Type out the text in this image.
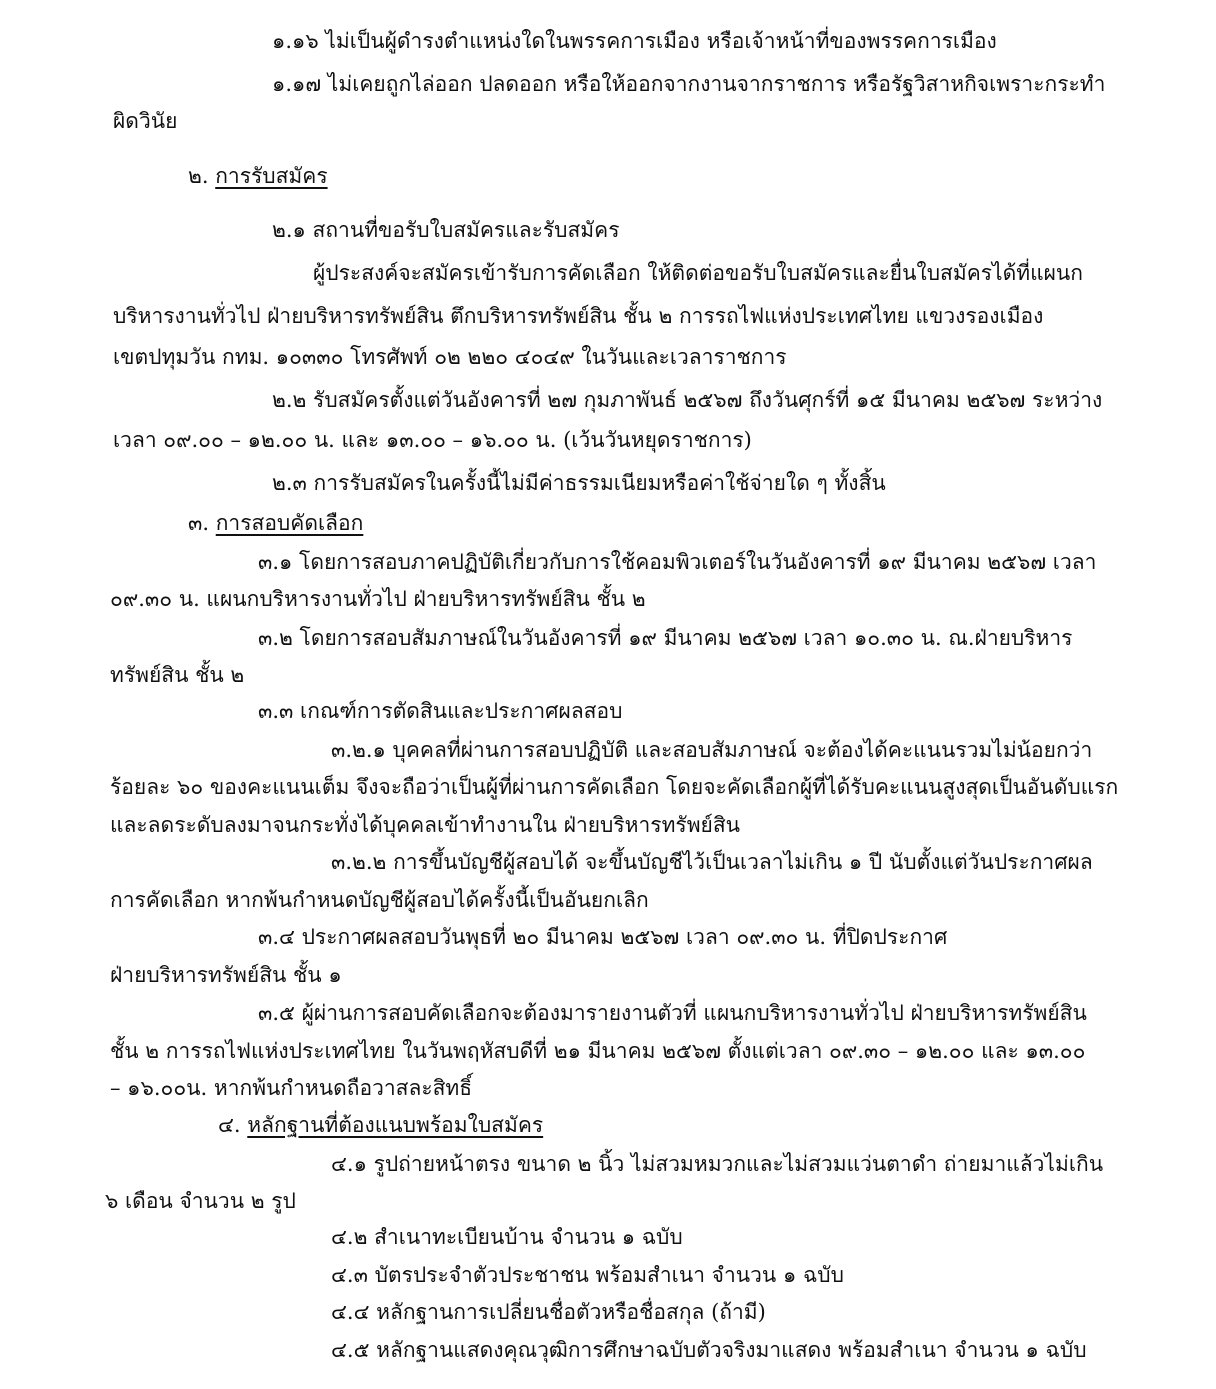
๑.๑๖ ไม่เป็นผู้ดำรงตำแหน่งใดในพรรคการเมือง หรือเจ้าหน้าที่ของพรรคการเมือง
๑.๑๗ ไม่เคยถูกไล่ออก ปลดออก หรือให้ออกจากงานจากราชการ หรือรัฐวิสาหกิจเพราะกระทำ
ผิดวินัย
๒. การรับสมัคร
๒.๑ สถานที่ขอรับใบสมัครและรับสมัคร
ผู้ประสงค์จะสมัครเข้ารับการคัดเลือก ให้ติดต่อขอรับใบสมัครและยื่นใบสมัครได้ที่แผนก
บริหารงานทั่วไป ฝ่ายบริหารทรัพย์สิน ตึกบริหารทรัพย์สิน ชั้น ๒ การรถไฟแห่งประเทศไทย แขวงรองเมือง
เขตปทุมวัน กทม. ๑๐๓๓๐ โทรศัพท์ ๐๒ ๒๒๐ ๔๐๔๙ ในวันและเวลาราชการ
๒.๒ รับสมัครตั้งแต่วันอังคารที่ ๒๗ กุมภาพันธ์ ๒๕๖๗ ถึงวันศุกร์ที่ ๑๕ มีนาคม ๒๕๖๗ ระหว่าง
เวลา ๐๙.๐๐ – ๑๒.๐๐ น. และ ๑๓.๐๐ – ๑๖.๐๐ น. (เว้นวันหยุดราชการ)
๒.๓ การรับสมัครในครั้งนี้ไม่มีค่าธรรมเนียมหรือค่าใช้จ่ายใด ๆ ทั้งสิ้น
๓. การสอบคัดเลือก
๓.๑ โดยการสอบภาคปฏิบัติเกี่ยวกับการใช้คอมพิวเตอร์ในวันอังคารที่ ๑๙ มีนาคม ๒๕๖๗ เวลา
๐๙.๓๐ น. แผนกบริหารงานทั่วไป ฝ่ายบริหารทรัพย์สิน ชั้น ๒
๓.๒ โดยการสอบสัมภาษณ์ในวันอังคารที่ ๑๙ มีนาคม ๒๕๖๗ เวลา ๑๐.๓๐ น. ณ.ฝ่ายบริหาร
ทรัพย์สิน ชั้น ๒
๓.๓ เกณฑ์การตัดสินและประกาศผลสอบ
๓.๒.๑ บุคคลที่ผ่านการสอบปฏิบัติ และสอบสัมภาษณ์ จะต้องได้คะแนนรวมไม่น้อยกว่า
ร้อยละ ๖๐ ของคะแนนเต็ม จึงจะถือว่าเป็นผู้ที่ผ่านการคัดเลือก โดยจะคัดเลือกผู้ที่ได้รับคะแนนสูงสุดเป็นอันดับแรก
และลดระดับลงมาจนกระทั่งได้บุคคลเข้าทำงานใน ฝ่ายบริหารทรัพย์สิน
๓.๒.๒ การขึ้นบัญชีผู้สอบได้ จะขึ้นบัญชีไว้เป็นเวลาไม่เกิน ๑ ปี นับตั้งแต่วันประกาศผล
การคัดเลือก หากพ้นกำหนดบัญชีผู้สอบได้ครั้งนี้เป็นอันยกเลิก
๓.๔ ประกาศผลสอบวันพุธที่ ๒๐ มีนาคม ๒๕๖๗ เวลา ๐๙.๓๐ น. ที่ปิดประกาศ
ฝ่ายบริหารทรัพย์สิน ชั้น ๑
๓.๕ ผู้ผ่านการสอบคัดเลือกจะต้องมารายงานตัวที่ แผนกบริหารงานทั่วไป ฝ่ายบริหารทรัพย์สิน
ชั้น ๒ การรถไฟแห่งประเทศไทย ในวันพฤหัสบดีที่ ๒๑ มีนาคม ๒๕๖๗ ตั้งแต่เวลา ๐๙.๓๐ – ๑๒.๐๐ และ ๑๓.๐๐
– ๑๖.๐๐น. หากพ้นกำหนดถือวาสละสิทธิ์
๔. หลักฐานที่ต้องแนบพร้อมใบสมัคร
๔.๑ รูปถ่ายหน้าตรง ขนาด ๒ นิ้ว ไม่สวมหมวกและไม่สวมแว่นตาดำ ถ่ายมาแล้วไม่เกิน
๖ เดือน จำนวน ๒ รูป
๔.๒ สำเนาทะเบียนบ้าน จำนวน ๑ ฉบับ
๔.๓ บัตรประจำตัวประชาชน พร้อมสำเนา จำนวน ๑ ฉบับ
๔.๔ หลักฐานการเปลี่ยนชื่อตัวหรือชื่อสกุล (ถ้ามี)
๔.๕ หลักฐานแสดงคุณวุฒิการศึกษาฉบับตัวจริงมาแสดง พร้อมสำเนา จำนวน ๑ ฉบับ
